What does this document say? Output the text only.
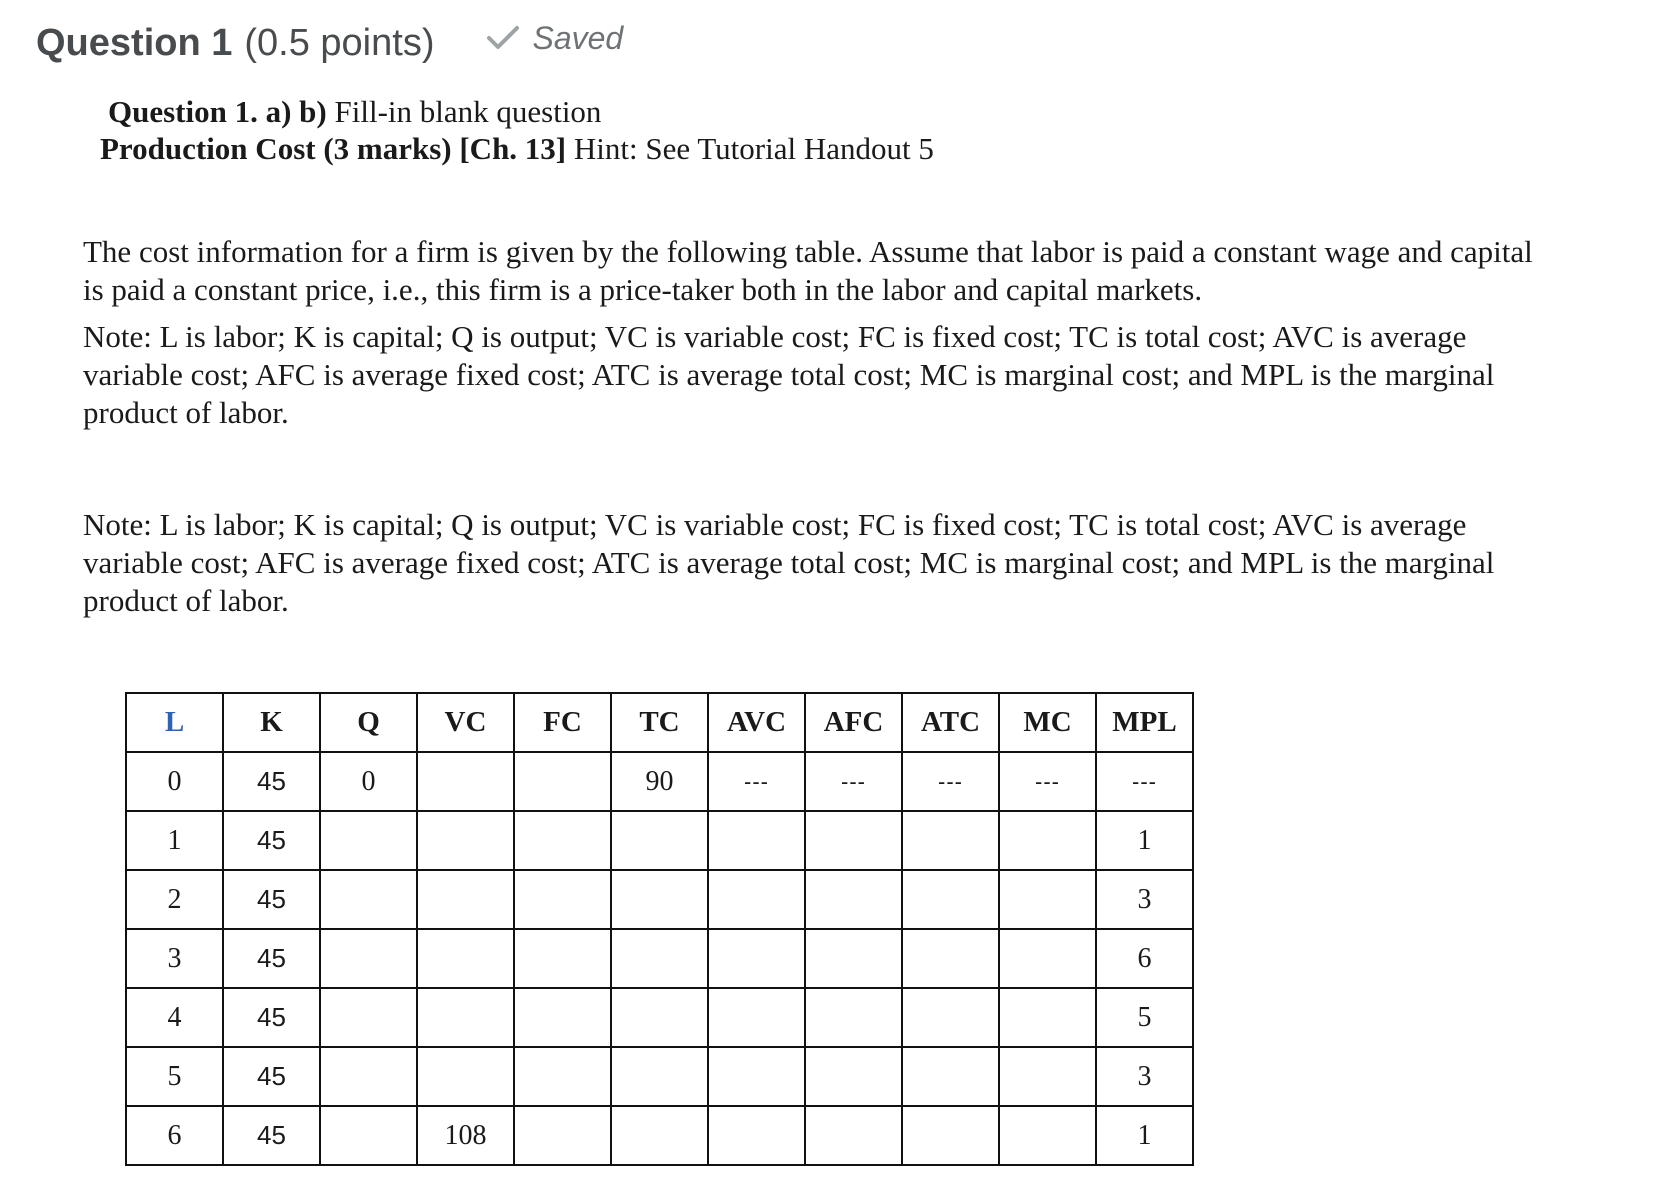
Question 1 (0.5 points)	Saved
Question 1. a) b) Fill-in blank question
Production Cost (3 marks) [Ch. 13] Hint: See Tutorial Handout 5
The cost information for a firm is given by the following table. Assume that labor is paid a constant wage and capital is paid a constant price, i.e., this firm is a price-taker both in the labor and capital markets.
Note: L is labor; K is capital; Q is output; VC is variable cost; FC is fixed cost; TC is total cost; AVC is average variable cost; AFC is average fixed cost; ATC is average total cost; MC is marginal cost; and MPL is the marginal product of labor.
Note: L is labor; K is capital; Q is output; VC is variable cost; FC is fixed cost; TC is total cost; AVC is average variable cost; AFC is average fixed cost; ATC is average total cost; MC is marginal cost; and MPL is the marginal product of labor.
L	K	Q	VC	FC	TC	AVC	AFC	ATC	MC	MPL
0	45	0			90	---	---	---	---	---
1	45									1
2	45									3
3	45									6
4	45									5
5	45									3
6	45		108							1
